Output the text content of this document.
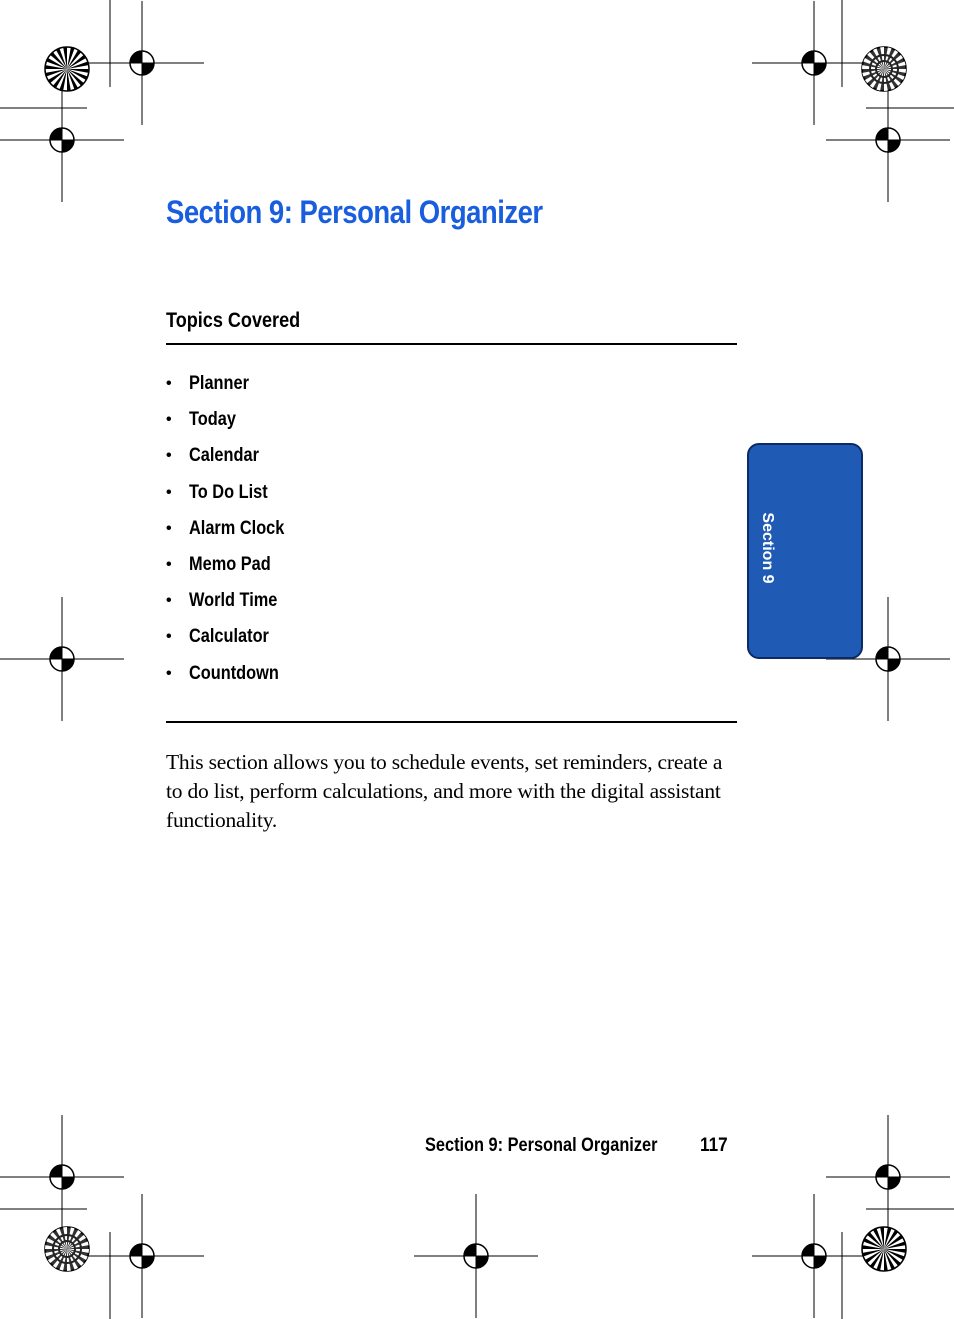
Section 9: Personal Organizer
Topics Covered
• Planner
• Today
• Calendar
• To Do List
• Alarm Clock
• Memo Pad
• World Time
• Calculator
• Countdown

This section allows you to schedule events, set reminders, create a to do list, perform calculations, and more with the digital assistant functionality.

Section 9
Section 9: Personal Organizer 117
